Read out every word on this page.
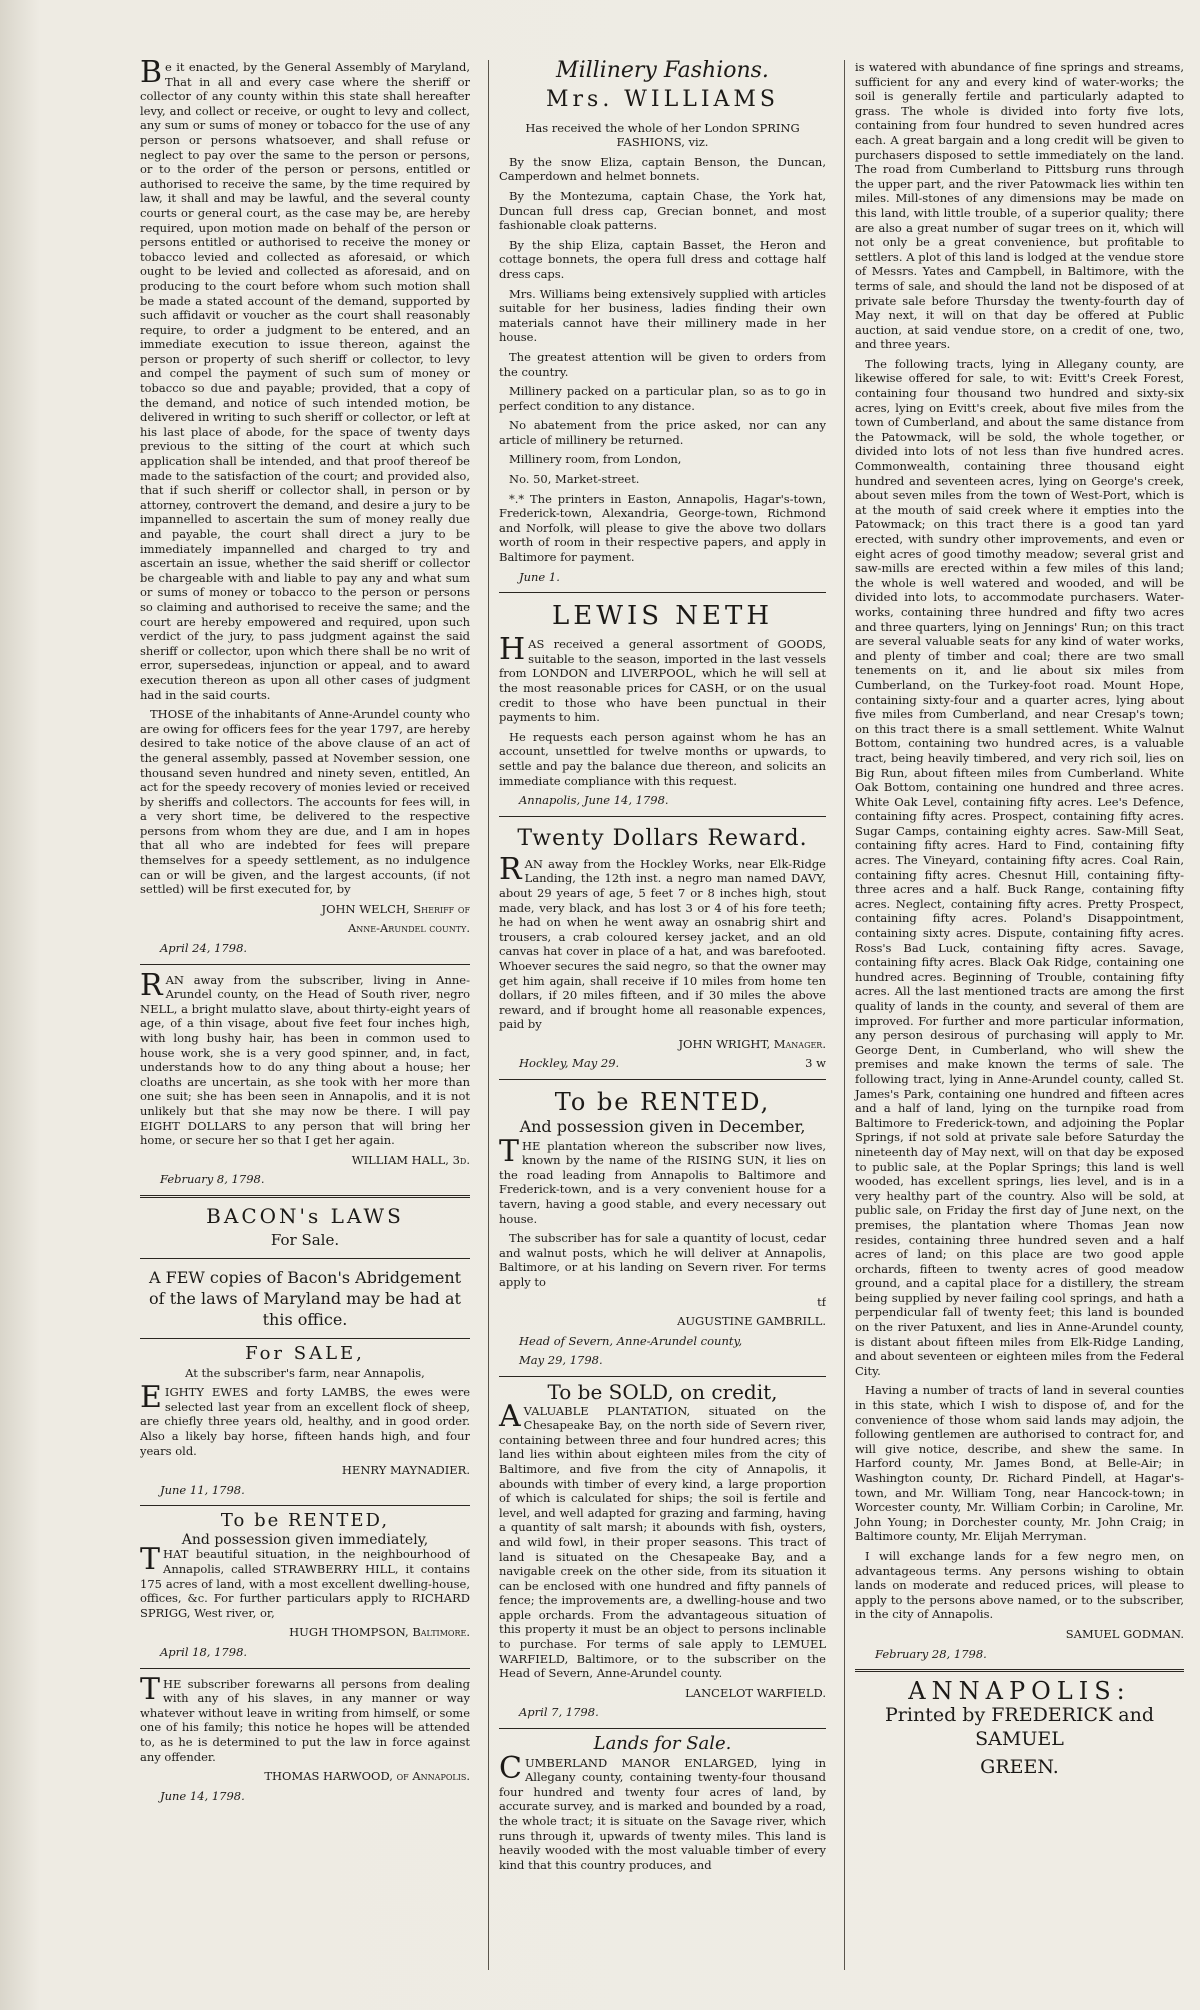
Be it enacted, by the General Assembly of Maryland, That in all and every case where the sheriff or collector of any county within this state shall hereafter levy, and collect or receive, or ought to levy and collect, any sum or sums of money or tobacco for the use of any person or persons whatsoever, and shall refuse or neglect to pay over the same to the person or persons, or to the order of the person or persons, entitled or authorised to receive the same, by the time required by law, it shall and may be lawful, and the several county courts or general court, as the case may be, are hereby required, upon motion made on behalf of the person or persons entitled or authorised to receive the money or tobacco levied and collected as aforesaid, or which ought to be levied and collected as aforesaid, and on producing to the court before whom such motion shall be made a stated account of the demand, supported by such affidavit or voucher as the court shall reasonably require, to order a judgment to be entered, and an immediate execution to issue thereon, against the person or property of such sheriff or collector, to levy and compel the payment of such sum of money or tobacco so due and payable; provided, that a copy of the demand, and notice of such intended motion, be delivered in writing to such sheriff or collector, or left at his last place of abode, for the space of twenty days previous to the sitting of the court at which such application shall be intended, and that proof thereof be made to the satisfaction of the court; and provided also, that if such sheriff or collector shall, in person or by attorney, controvert the demand, and desire a jury to be impannelled to ascertain the sum of money really due and payable, the court shall direct a jury to be immediately impannelled and charged to try and ascertain an issue, whether the said sheriff or collector be chargeable with and liable to pay any and what sum or sums of money or tobacco to the person or persons so claiming and authorised to receive the same; and the court are hereby empowered and required, upon such verdict of the jury, to pass judgment against the said sheriff or collector, upon which there shall be no writ of error, supersedeas, injunction or appeal, and to award execution thereon as upon all other cases of judgment had in the said courts.

THOSE of the inhabitants of Anne-Arundel county who are owing for officers fees for the year 1797, are hereby desired to take notice of the above clause of an act of the general assembly, passed at November session, one thousand seven hundred and ninety seven, entitled, An act for the speedy recovery of monies levied or received by sheriffs and collectors. The accounts for fees will, in a very short time, be delivered to the respective persons from whom they are due, and I am in hopes that all who are indebted for fees will prepare themselves for a speedy settlement, as no indulgence can or will be given, and the largest accounts, (if not settled) will be first executed for, by

JOHN WELCH, Sheriff of

Anne-Arundel county.

April 24, 1798.

RAN away from the subscriber, living in Anne-Arundel county, on the Head of South river, negro NELL, a bright mulatto slave, about thirty-eight years of age, of a thin visage, about five feet four inches high, with long bushy hair, has been in common used to house work, she is a very good spinner, and, in fact, understands how to do any thing about a house; her cloaths are uncertain, as she took with her more than one suit; she has been seen in Annapolis, and it is not unlikely but that she may now be there. I will pay EIGHT DOLLARS to any person that will bring her home, or secure her so that I get her again.

WILLIAM HALL, 3d.

February 8, 1798.

BACON's LAWS
For Sale.
A FEW copies of Bacon's Abridgement of the laws of Maryland may be had at this office.
For SALE,

At the subscriber's farm, near Annapolis,

EIGHTY EWES and forty LAMBS, the ewes were selected last year from an excellent flock of sheep, are chiefly three years old, healthy, and in good order. Also a likely bay horse, fifteen hands high, and four years old.

HENRY MAYNADIER.

June 11, 1798.

To be RENTED,
And possession given immediately,

THAT beautiful situation, in the neighbourhood of Annapolis, called STRAWBERRY HILL, it contains 175 acres of land, with a most excellent dwelling-house, offices, &c. For further particulars apply to RICHARD SPRIGG, West river, or,

HUGH THOMPSON, Baltimore.

April 18, 1798.

THE subscriber forewarns all persons from dealing with any of his slaves, in any manner or way whatever without leave in writing from himself, or some one of his family; this notice he hopes will be attended to, as he is determined to put the law in force against any offender.

THOMAS HARWOOD, of Annapolis.

June 14, 1798.

Millinery Fashions.
Mrs. WILLIAMS

Has received the whole of her London SPRING FASHIONS, viz.

By the snow Eliza, captain Benson, the Duncan, Camperdown and helmet bonnets.

By the Montezuma, captain Chase, the York hat, Duncan full dress cap, Grecian bonnet, and most fashionable cloak patterns.

By the ship Eliza, captain Basset, the Heron and cottage bonnets, the opera full dress and cottage half dress caps.

Mrs. Williams being extensively supplied with articles suitable for her business, ladies finding their own materials cannot have their millinery made in her house.

The greatest attention will be given to orders from the country.

Millinery packed on a particular plan, so as to go in perfect condition to any distance.

No abatement from the price asked, nor can any article of millinery be returned.

Millinery room, from London,

No. 50, Market-street.

*.* The printers in Easton, Annapolis, Hagar's-town, Frederick-town, Alexandria, George-town, Richmond and Norfolk, will please to give the above two dollars worth of room in their respective papers, and apply in Baltimore for payment.

June 1.

LEWIS NETH

HAS received a general assortment of GOODS, suitable to the season, imported in the last vessels from LONDON and LIVERPOOL, which he will sell at the most reasonable prices for CASH, or on the usual credit to those who have been punctual in their payments to him.

He requests each person against whom he has an account, unsettled for twelve months or upwards, to settle and pay the balance due thereon, and solicits an immediate compliance with this request.

Annapolis, June 14, 1798.

Twenty Dollars Reward.

RAN away from the Hockley Works, near Elk-Ridge Landing, the 12th inst. a negro man named DAVY, about 29 years of age, 5 feet 7 or 8 inches high, stout made, very black, and has lost 3 or 4 of his fore teeth; he had on when he went away an osnabrig shirt and trousers, a crab coloured kersey jacket, and an old canvas hat cover in place of a hat, and was barefooted. Whoever secures the said negro, so that the owner may get him again, shall receive if 10 miles from home ten dollars, if 20 miles fifteen, and if 30 miles the above reward, and if brought home all reasonable expences, paid by

JOHN WRIGHT, Manager.

Hockley, May 29.	3 w

To be RENTED,
And possession given in December,

THE plantation whereon the subscriber now lives, known by the name of the RISING SUN, it lies on the road leading from Annapolis to Baltimore and Frederick-town, and is a very convenient house for a tavern, having a good stable, and every necessary out house.

The subscriber has for sale a quantity of locust, cedar and walnut posts, which he will deliver at Annapolis, Baltimore, or at his landing on Severn river. For terms apply to

tf

AUGUSTINE GAMBRILL.

Head of Severn, Anne-Arundel county,

May 29, 1798.

To be SOLD, on credit,

AVALUABLE PLANTATION, situated on the Chesapeake Bay, on the north side of Severn river, containing between three and four hundred acres; this land lies within about eighteen miles from the city of Baltimore, and five from the city of Annapolis, it abounds with timber of every kind, a large proportion of which is calculated for ships; the soil is fertile and level, and well adapted for grazing and farming, having a quantity of salt marsh; it abounds with fish, oysters, and wild fowl, in their proper seasons. This tract of land is situated on the Chesapeake Bay, and a navigable creek on the other side, from its situation it can be enclosed with one hundred and fifty pannels of fence; the improvements are, a dwelling-house and two apple orchards. From the advantageous situation of this property it must be an object to persons inclinable to purchase. For terms of sale apply to LEMUEL WARFIELD, Baltimore, or to the subscriber on the Head of Severn, Anne-Arundel county.

LANCELOT WARFIELD.

April 7, 1798.

Lands for Sale.

CUMBERLAND MANOR ENLARGED, lying in Allegany county, containing twenty-four thousand four hundred and twenty four acres of land, by accurate survey, and is marked and bounded by a road, the whole tract; it is situate on the Savage river, which runs through it, upwards of twenty miles. This land is heavily wooded with the most valuable timber of every kind that this country produces, and

is watered with abundance of fine springs and streams, sufficient for any and every kind of water-works; the soil is generally fertile and particularly adapted to grass. The whole is divided into forty five lots, containing from four hundred to seven hundred acres each. A great bargain and a long credit will be given to purchasers disposed to settle immediately on the land. The road from Cumberland to Pittsburg runs through the upper part, and the river Patowmack lies within ten miles. Mill-stones of any dimensions may be made on this land, with little trouble, of a superior quality; there are also a great number of sugar trees on it, which will not only be a great convenience, but profitable to settlers. A plot of this land is lodged at the vendue store of Messrs. Yates and Campbell, in Baltimore, with the terms of sale, and should the land not be disposed of at private sale before Thursday the twenty-fourth day of May next, it will on that day be offered at Public auction, at said vendue store, on a credit of one, two, and three years.

The following tracts, lying in Allegany county, are likewise offered for sale, to wit: Evitt's Creek Forest, containing four thousand two hundred and sixty-six acres, lying on Evitt's creek, about five miles from the town of Cumberland, and about the same distance from the Patowmack, will be sold, the whole together, or divided into lots of not less than five hundred acres. Commonwealth, containing three thousand eight hundred and seventeen acres, lying on George's creek, about seven miles from the town of West-Port, which is at the mouth of said creek where it empties into the Patowmack; on this tract there is a good tan yard erected, with sundry other improvements, and even or eight acres of good timothy meadow; several grist and saw-mills are erected within a few miles of this land; the whole is well watered and wooded, and will be divided into lots, to accommodate purchasers. Water-works, containing three hundred and fifty two acres and three quarters, lying on Jennings' Run; on this tract are several valuable seats for any kind of water works, and plenty of timber and coal; there are two small tenements on it, and lie about six miles from Cumberland, on the Turkey-foot road. Mount Hope, containing sixty-four and a quarter acres, lying about five miles from Cumberland, and near Cresap's town; on this tract there is a small settlement. White Walnut Bottom, containing two hundred acres, is a valuable tract, being heavily timbered, and very rich soil, lies on Big Run, about fifteen miles from Cumberland. White Oak Bottom, containing one hundred and three acres. White Oak Level, containing fifty acres. Lee's Defence, containing fifty acres. Prospect, containing fifty acres. Sugar Camps, containing eighty acres. Saw-Mill Seat, containing fifty acres. Hard to Find, containing fifty acres. The Vineyard, containing fifty acres. Coal Rain, containing fifty acres. Chesnut Hill, containing fifty-three acres and a half. Buck Range, containing fifty acres. Neglect, containing fifty acres. Pretty Prospect, containing fifty acres. Poland's Disappointment, containing sixty acres. Dispute, containing fifty acres. Ross's Bad Luck, containing fifty acres. Savage, containing fifty acres. Black Oak Ridge, containing one hundred acres. Beginning of Trouble, containing fifty acres. All the last mentioned tracts are among the first quality of lands in the county, and several of them are improved. For further and more particular information, any person desirous of purchasing will apply to Mr. George Dent, in Cumberland, who will shew the premises and make known the terms of sale. The following tract, lying in Anne-Arundel county, called St. James's Park, containing one hundred and fifteen acres and a half of land, lying on the turnpike road from Baltimore to Frederick-town, and adjoining the Poplar Springs, if not sold at private sale before Saturday the nineteenth day of May next, will on that day be exposed to public sale, at the Poplar Springs; this land is well wooded, has excellent springs, lies level, and is in a very healthy part of the country. Also will be sold, at public sale, on Friday the first day of June next, on the premises, the plantation where Thomas Jean now resides, containing three hundred seven and a half acres of land; on this place are two good apple orchards, fifteen to twenty acres of good meadow ground, and a capital place for a distillery, the stream being supplied by never failing cool springs, and hath a perpendicular fall of twenty feet; this land is bounded on the river Patuxent, and lies in Anne-Arundel county, is distant about fifteen miles from Elk-Ridge Landing, and about seventeen or eighteen miles from the Federal City.

Having a number of tracts of land in several counties in this state, which I wish to dispose of, and for the convenience of those whom said lands may adjoin, the following gentlemen are authorised to contract for, and will give notice, describe, and shew the same. In Harford county, Mr. James Bond, at Belle-Air; in Washington county, Dr. Richard Pindell, at Hagar's-town, and Mr. William Tong, near Hancock-town; in Worcester county, Mr. William Corbin; in Caroline, Mr. John Young; in Dorchester county, Mr. John Craig; in Baltimore county, Mr. Elijah Merryman.

I will exchange lands for a few negro men, on advantageous terms. Any persons wishing to obtain lands on moderate and reduced prices, will please to apply to the persons above named, or to the subscriber, in the city of Annapolis.

SAMUEL GODMAN.

February 28, 1798.

ANNAPOLIS:
Printed by FREDERICK and SAMUEL
GREEN.
